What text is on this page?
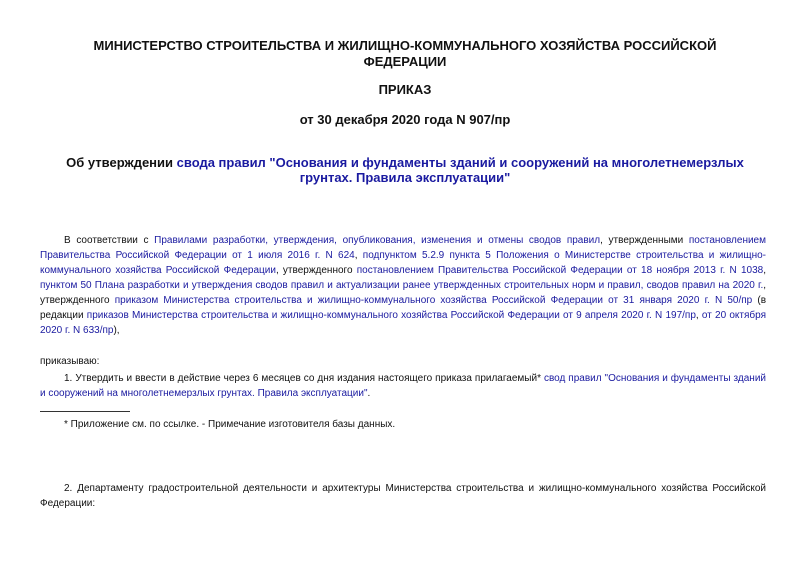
МИНИСТЕРСТВО СТРОИТЕЛЬСТВА И ЖИЛИЩНО-КОММУНАЛЬНОГО ХОЗЯЙСТВА РОССИЙСКОЙ ФЕДЕРАЦИИ
ПРИКАЗ
от 30 декабря 2020 года N 907/пр
Об утверждении свода правил "Основания и фундаменты зданий и сооружений на многолетнемерзлых грунтах. Правила эксплуатации"
В соответствии с Правилами разработки, утверждения, опубликования, изменения и отмены сводов правил, утвержденными постановлением Правительства Российской Федерации от 1 июля 2016 г. N 624, подпунктом 5.2.9 пункта 5 Положения о Министерстве строительства и жилищно-коммунального хозяйства Российской Федерации, утвержденного постановлением Правительства Российской Федерации от 18 ноября 2013 г. N 1038, пунктом 50 Плана разработки и утверждения сводов правил и актуализации ранее утвержденных строительных норм и правил, сводов правил на 2020 г., утвержденного приказом Министерства строительства и жилищно-коммунального хозяйства Российской Федерации от 31 января 2020 г. N 50/пр (в редакции приказов Министерства строительства и жилищно-коммунального хозяйства Российской Федерации от 9 апреля 2020 г. N 197/пр, от 20 октября 2020 г. N 633/пр),
приказываю:
1. Утвердить и ввести в действие через 6 месяцев со дня издания настоящего приказа прилагаемый* свод правил "Основания и фундаменты зданий и сооружений на многолетнемерзлых грунтах. Правила эксплуатации".
* Приложение см. по ссылке. - Примечание изготовителя базы данных.
2. Департаменту градостроительной деятельности и архитектуры Министерства строительства и жилищно-коммунального хозяйства Российской Федерации:
